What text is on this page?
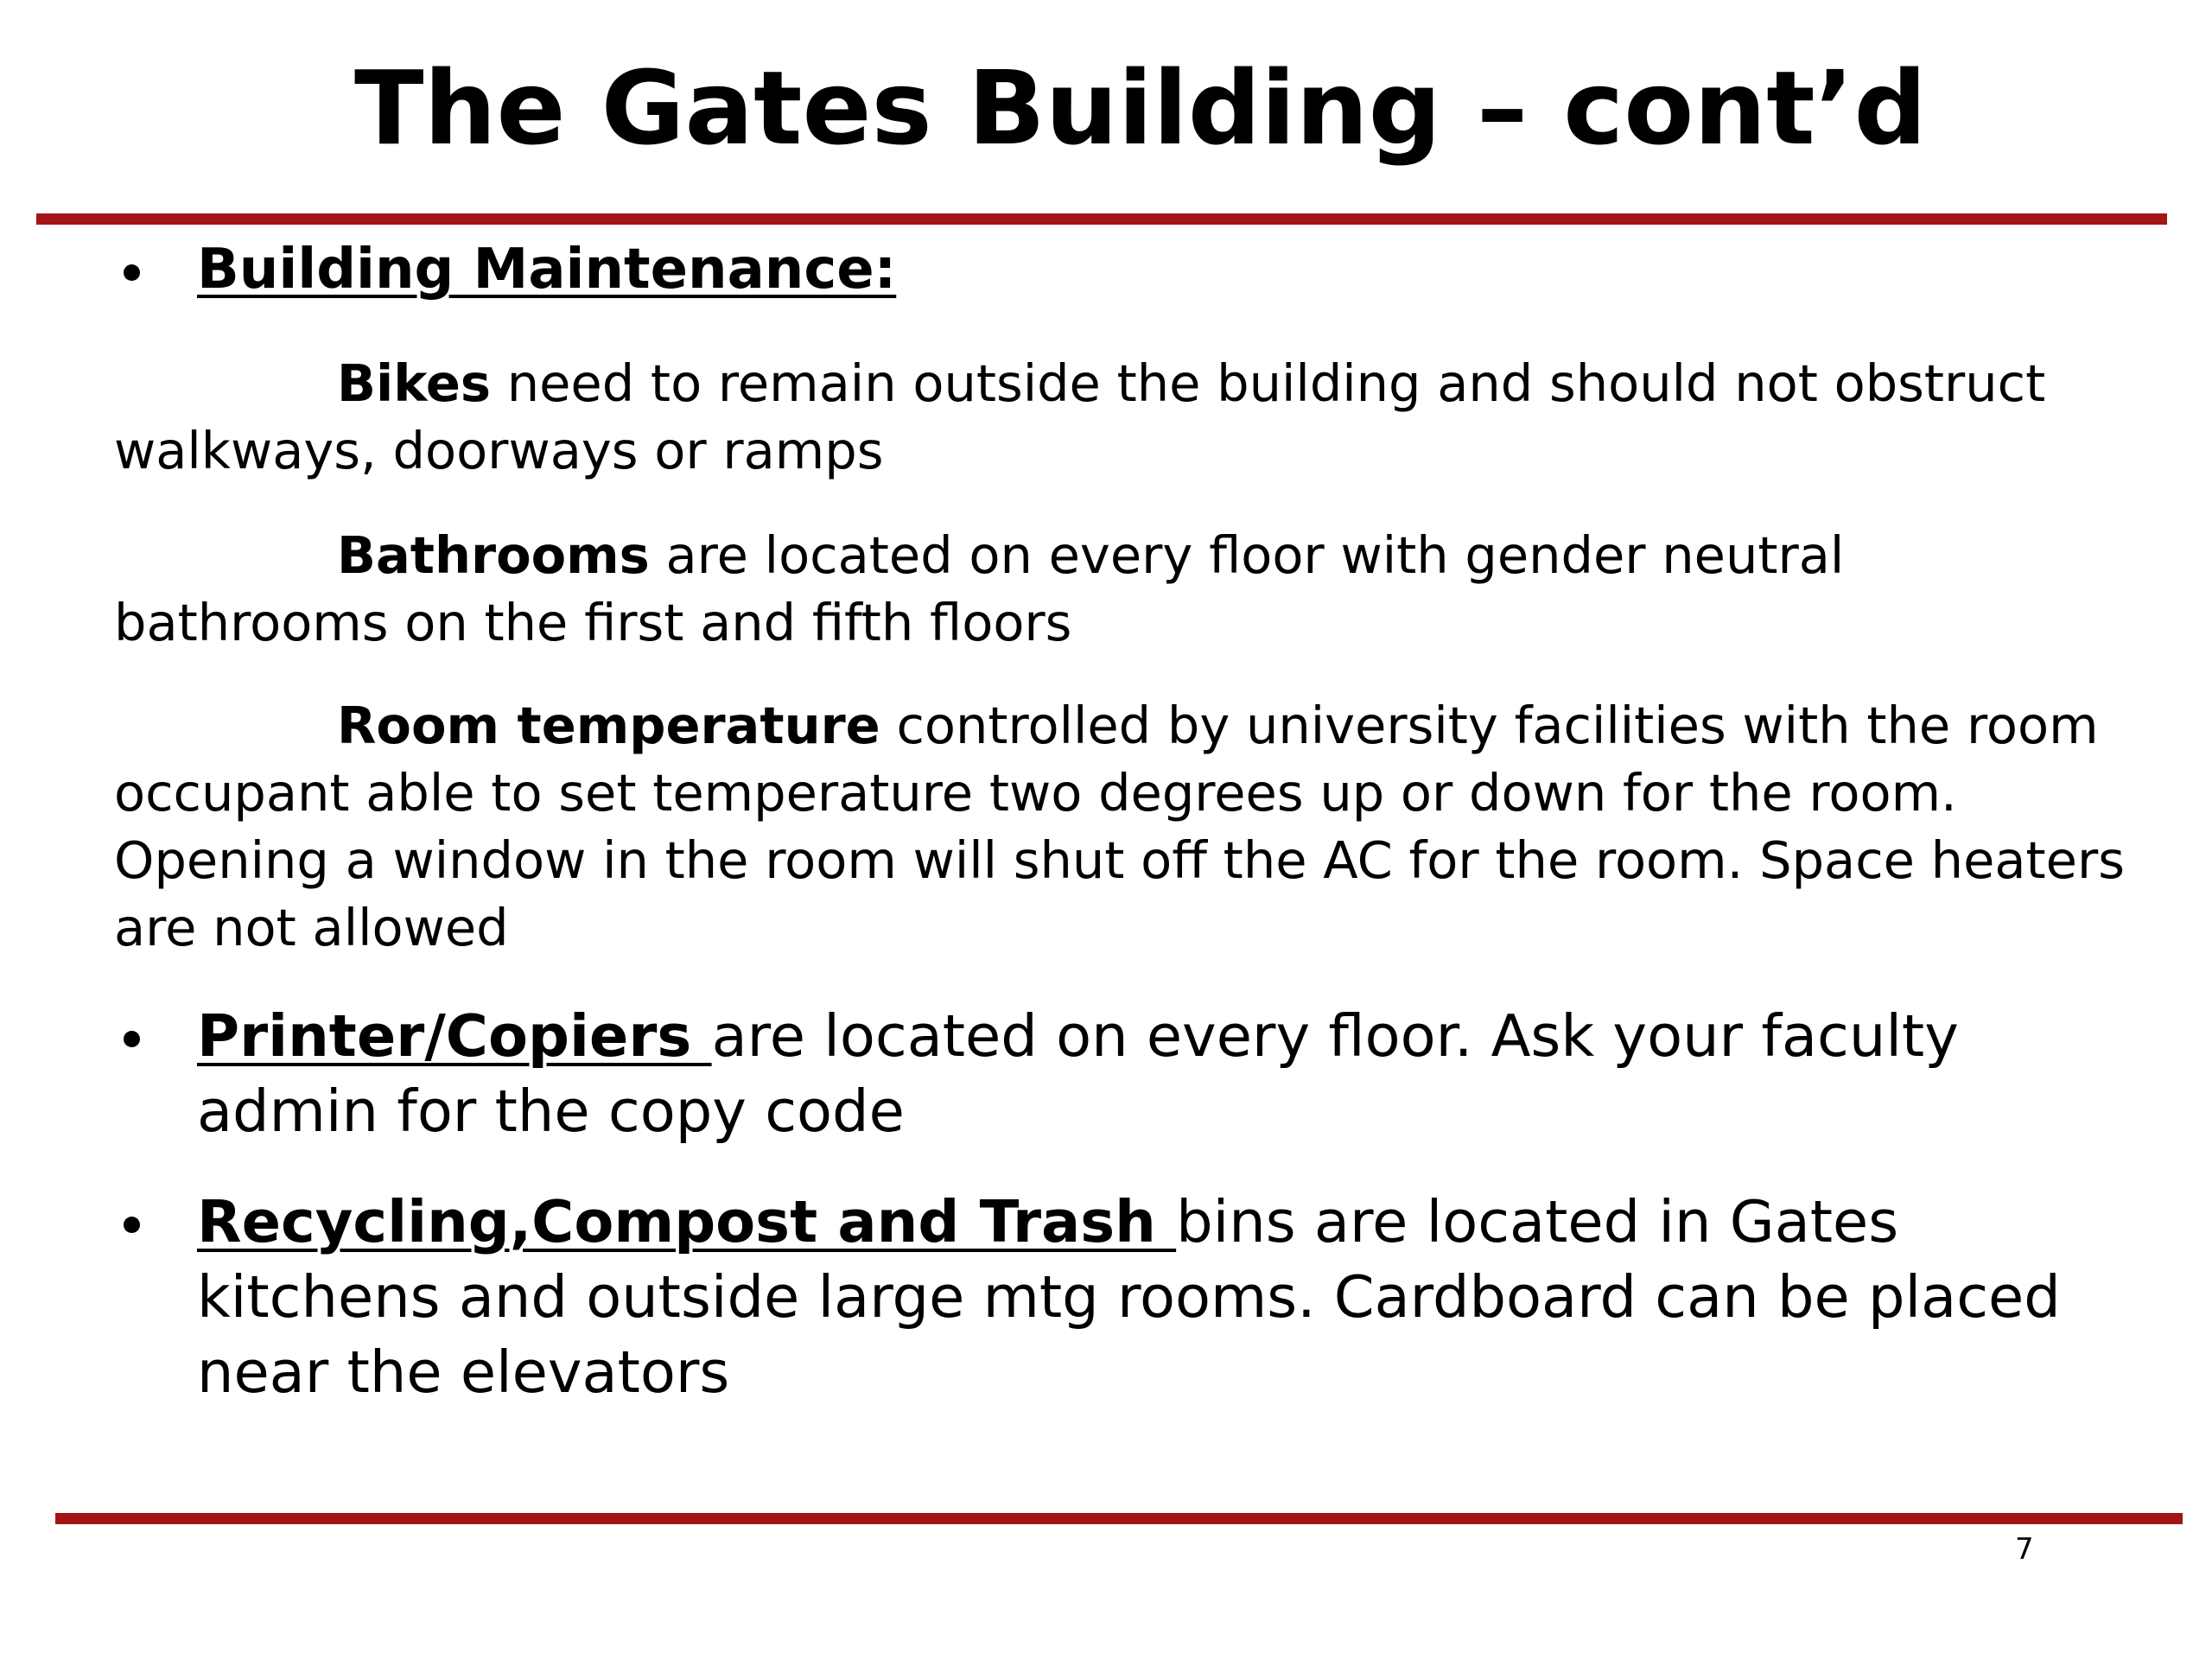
The Gates Building – cont’d
Building Maintenance:

Bikes need to remain outside the building and should not obstruct walkways, doorways or ramps

Bathrooms are located on every floor with gender neutral bathrooms on the first and fifth floors

Room temperature controlled by university facilities with the room occupant able to set temperature two degrees up or down for the room. Opening a window in the room will shut off the AC for the room. Space heaters are not allowed

Printer/Copiers are located on every floor. Ask your faculty admin for the copy code

Recycling,Compost and Trash bins are located in Gates kitchens and outside large mtg rooms. Cardboard can be placed near the elevators

7
